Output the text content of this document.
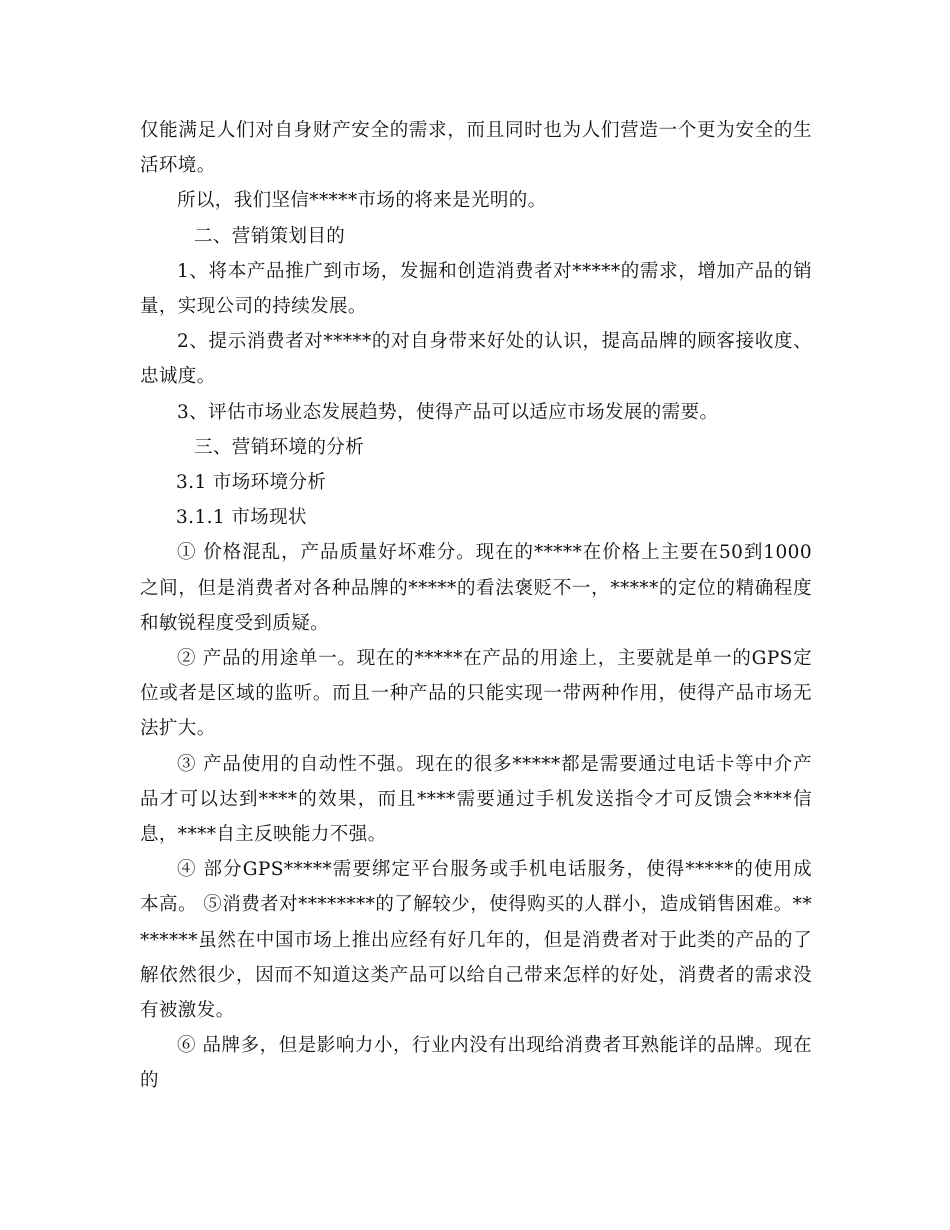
仅能满足人们对自身财产安全的需求，而且同时也为人们营造一个更为安全的生活环境。

所以，我们坚信*****市场的将来是光明的。

二、营销策划目的

1、将本产品推广到市场，发掘和创造消费者对*****的需求，增加产品的销量，实现公司的持续发展。

2、提示消费者对*****的对自身带来好处的认识，提高品牌的顾客接收度、忠诚度。

3、评估市场业态发展趋势，使得产品可以适应市场发展的需要。

三、营销环境的分析

3.1 市场环境分析

3.1.1 市场现状

① 价格混乱，产品质量好坏难分。现在的*****在价格上主要在50到1000之间，但是消费者对各种品牌的*****的看法褒贬不一，*****的定位的精确程度和敏锐程度受到质疑。

② 产品的用途单一。现在的*****在产品的用途上，主要就是单一的GPS定位或者是区域的监听。而且一种产品的只能实现一带两种作用，使得产品市场无法扩大。

③ 产品使用的自动性不强。现在的很多*****都是需要通过电话卡等中介产品才可以达到****的效果，而且****需要通过手机发送指令才可反馈会****信息，****自主反映能力不强。

④ 部分GPS*****需要绑定平台服务或手机电话服务，使得*****的使用成本高。 ⑤消费者对********的了解较少，使得购买的人群小，造成销售困难。********虽然在中国市场上推出应经有好几年的，但是消费者对于此类的产品的了解依然很少，因而不知道这类产品可以给自己带来怎样的好处，消费者的需求没有被激发。

⑥ 品牌多，但是影响力小，行业内没有出现给消费者耳熟能详的品牌。现在的
